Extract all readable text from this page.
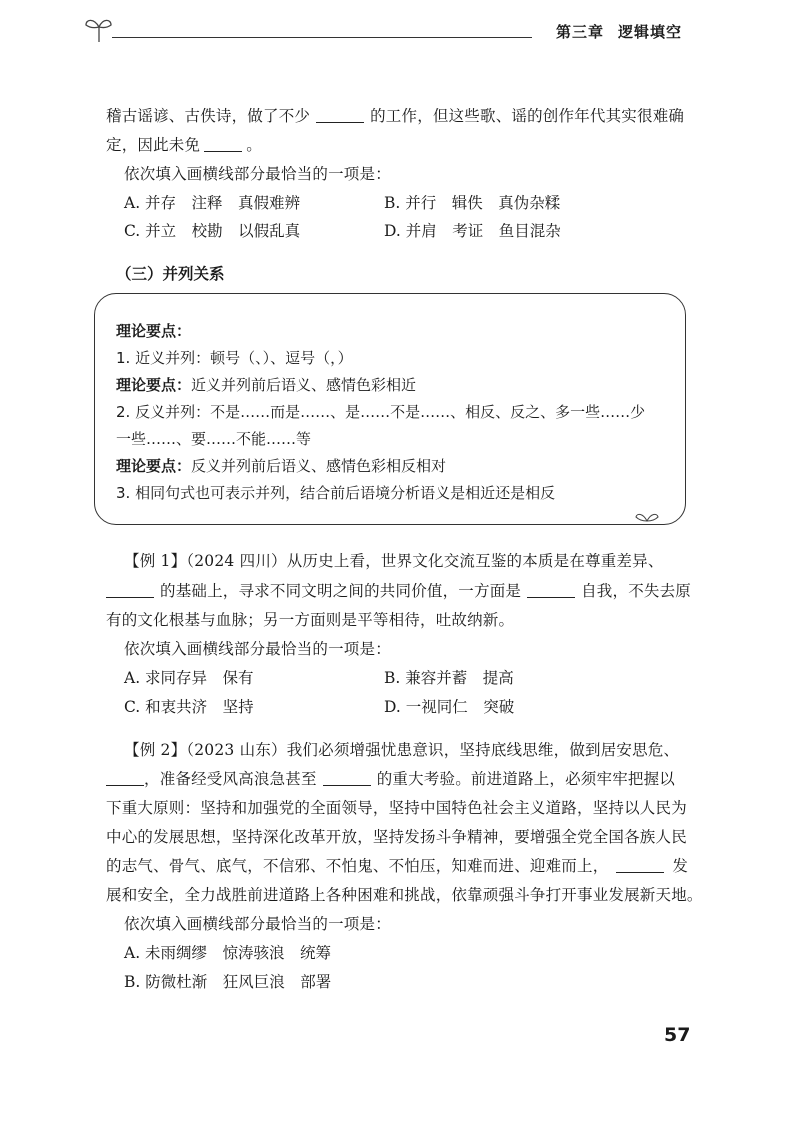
第三章 逻辑填空
稽古谣谚、古佚诗，做了不少	的工作，但这些歌、谣的创作年代其实很难确
定，因此未免	。
依次填入画横线部分最恰当的一项是：
A. 并存　注释　真假难辨	B. 并行　辑佚　真伪杂糅
C. 并立　校勘　以假乱真	D. 并肩　考证　鱼目混杂
（三）并列关系
理论要点：
1. 近义并列：顿号（、）、逗号（，）
理论要点：近义并列前后语义、感情色彩相近
2. 反义并列：不是……而是……、是……不是……、相反、反之、多一些……少
一些……、要……不能……等
理论要点：反义并列前后语义、感情色彩相反相对
3. 相同句式也可表示并列，结合前后语境分析语义是相近还是相反
【例 1】（2024 四川）从历史上看，世界文化交流互鉴的本质是在尊重差异、
的基础上，寻求不同文明之间的共同价值，一方面是	自我，不失去原
有的文化根基与血脉；另一方面则是平等相待，吐故纳新。
依次填入画横线部分最恰当的一项是：
A. 求同存异　保有	B. 兼容并蓄　提高
C. 和衷共济　坚持	D. 一视同仁　突破
【例 2】（2023 山东）我们必须增强忧患意识，坚持底线思维，做到居安思危、
，准备经受风高浪急甚至	的重大考验。前进道路上，必须牢牢把握以
下重大原则：坚持和加强党的全面领导，坚持中国特色社会主义道路，坚持以人民为
中心的发展思想，坚持深化改革开放，坚持发扬斗争精神，要增强全党全国各族人民
的志气、骨气、底气，不信邪、不怕鬼、不怕压，知难而进、迎难而上，	发
展和安全，全力战胜前进道路上各种困难和挑战，依靠顽强斗争打开事业发展新天地。
依次填入画横线部分最恰当的一项是：
A. 未雨绸缪　惊涛骇浪　统筹
B. 防微杜渐　狂风巨浪　部署
57
